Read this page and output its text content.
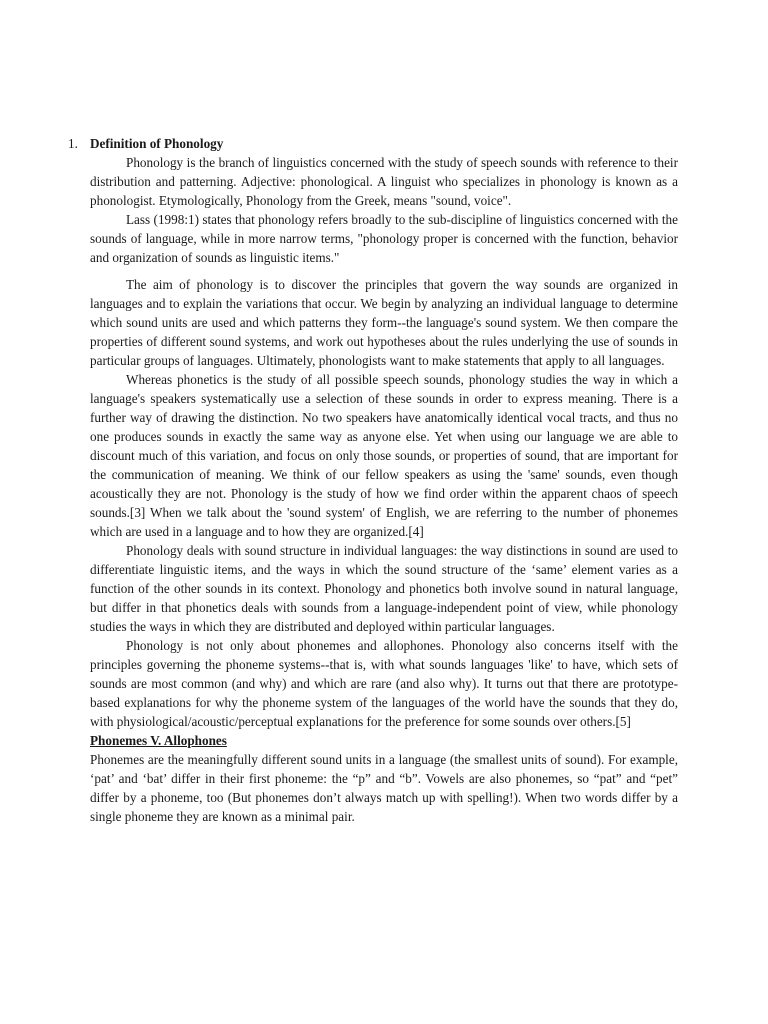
1. Definition of Phonology

Phonology is the branch of linguistics concerned with the study of speech sounds with reference to their distribution and patterning. Adjective: phonological. A linguist who specializes in phonology is known as a phonologist. Etymologically, Phonology from the Greek, means "sound, voice".

Lass (1998:1) states that phonology refers broadly to the sub-discipline of linguistics concerned with the sounds of language, while in more narrow terms, "phonology proper is concerned with the function, behavior and organization of sounds as linguistic items."

The aim of phonology is to discover the principles that govern the way sounds are organized in languages and to explain the variations that occur. We begin by analyzing an individual language to determine which sound units are used and which patterns they form--the language's sound system. We then compare the properties of different sound systems, and work out hypotheses about the rules underlying the use of sounds in particular groups of languages. Ultimately, phonologists want to make statements that apply to all languages.

Whereas phonetics is the study of all possible speech sounds, phonology studies the way in which a language's speakers systematically use a selection of these sounds in order to express meaning. There is a further way of drawing the distinction. No two speakers have anatomically identical vocal tracts, and thus no one produces sounds in exactly the same way as anyone else. Yet when using our language we are able to discount much of this variation, and focus on only those sounds, or properties of sound, that are important for the communication of meaning. We think of our fellow speakers as using the 'same' sounds, even though acoustically they are not. Phonology is the study of how we find order within the apparent chaos of speech sounds.[3] When we talk about the 'sound system' of English, we are referring to the number of phonemes which are used in a language and to how they are organized.[4]

Phonology deals with sound structure in individual languages: the way distinctions in sound are used to differentiate linguistic items, and the ways in which the sound structure of the ‘same’ element varies as a function of the other sounds in its context. Phonology and phonetics both involve sound in natural language, but differ in that phonetics deals with sounds from a language-independent point of view, while phonology studies the ways in which they are distributed and deployed within particular languages.

Phonology is not only about phonemes and allophones. Phonology also concerns itself with the principles governing the phoneme systems--that is, with what sounds languages 'like' to have, which sets of sounds are most common (and why) and which are rare (and also why). It turns out that there are prototype-based explanations for why the phoneme system of the languages of the world have the sounds that they do, with physiological/acoustic/perceptual explanations for the preference for some sounds over others.[5]

Phonemes V. Allophones

Phonemes are the meaningfully different sound units in a language (the smallest units of sound). For example, ‘pat’ and ‘bat’ differ in their first phoneme: the “p” and “b”. Vowels are also phonemes, so “pat” and “pet” differ by a phoneme, too (But phonemes don’t always match up with spelling!). When two words differ by a single phoneme they are known as a minimal pair.
